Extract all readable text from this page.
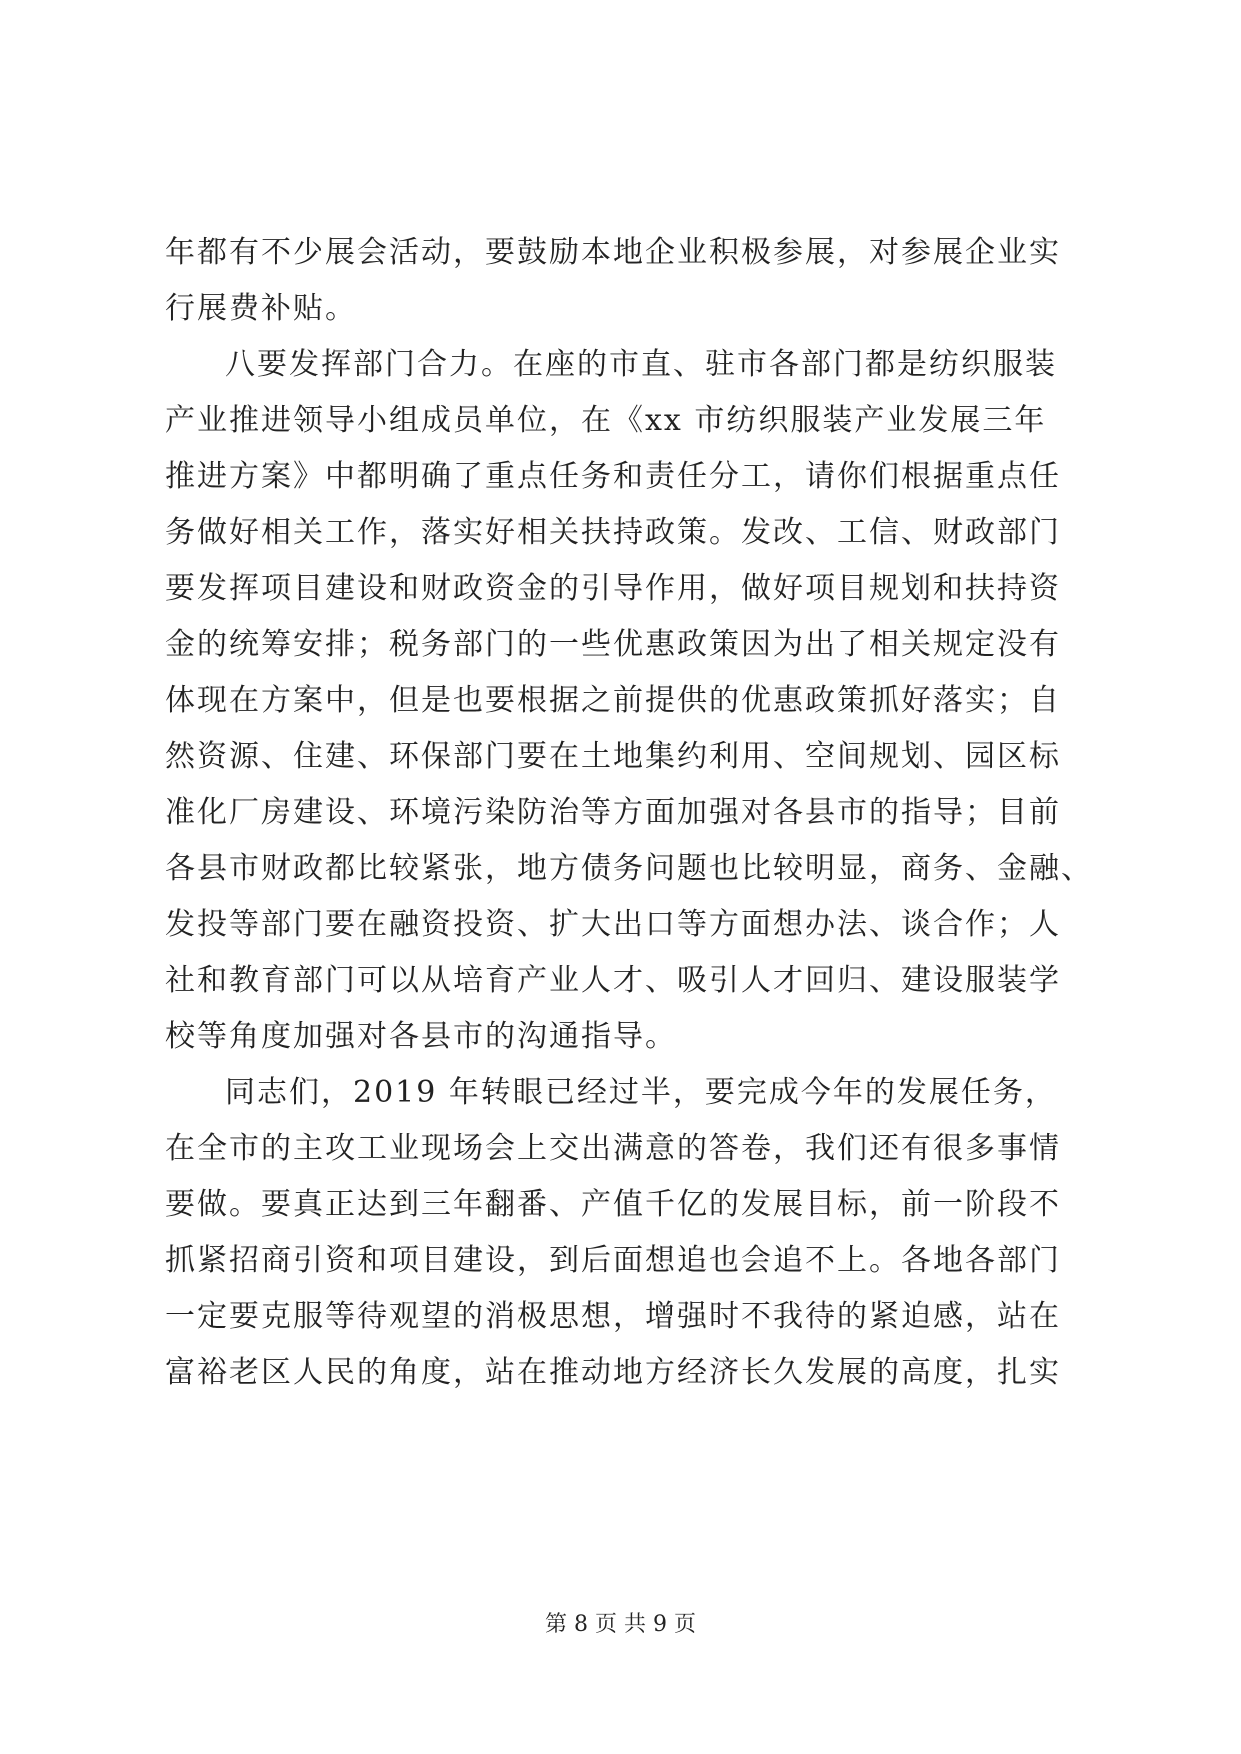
年都有不少展会活动，要鼓励本地企业积极参展，对参展企业实
行展费补贴。
八要发挥部门合力。在座的市直、驻市各部门都是纺织服装
产业推进领导小组成员单位，在《xx 市纺织服装产业发展三年
推进方案》中都明确了重点任务和责任分工，请你们根据重点任
务做好相关工作，落实好相关扶持政策。发改、工信、财政部门
要发挥项目建设和财政资金的引导作用，做好项目规划和扶持资
金的统筹安排；税务部门的一些优惠政策因为出了相关规定没有
体现在方案中，但是也要根据之前提供的优惠政策抓好落实；自
然资源、住建、环保部门要在土地集约利用、空间规划、园区标
准化厂房建设、环境污染防治等方面加强对各县市的指导；目前
各县市财政都比较紧张，地方债务问题也比较明显，商务、金融、
发投等部门要在融资投资、扩大出口等方面想办法、谈合作；人
社和教育部门可以从培育产业人才、吸引人才回归、建设服装学
校等角度加强对各县市的沟通指导。
同志们，2019 年转眼已经过半，要完成今年的发展任务，
在全市的主攻工业现场会上交出满意的答卷，我们还有很多事情
要做。要真正达到三年翻番、产值千亿的发展目标，前一阶段不
抓紧招商引资和项目建设，到后面想追也会追不上。各地各部门
一定要克服等待观望的消极思想，增强时不我待的紧迫感，站在
富裕老区人民的角度，站在推动地方经济长久发展的高度，扎实
第 8 页 共 9 页
